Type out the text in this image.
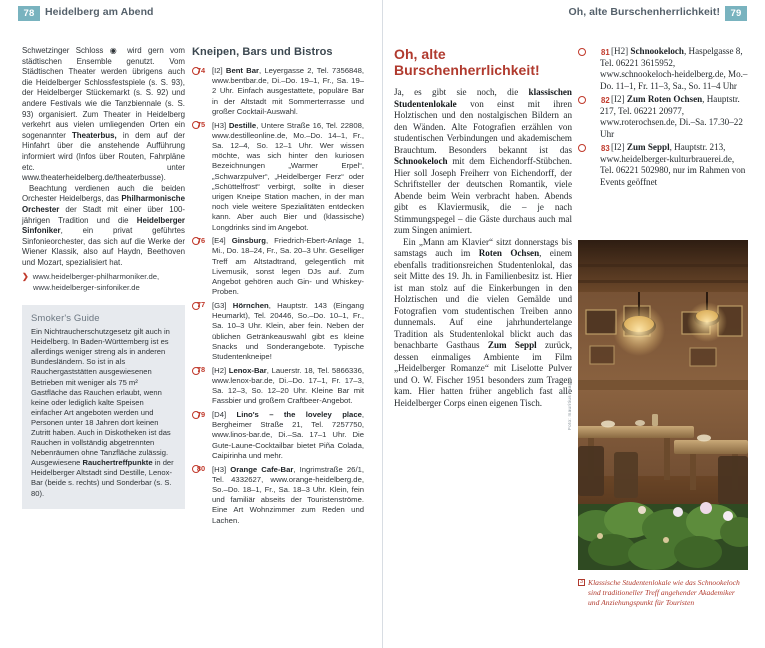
78	Heidelberg am Abend

Schwetzinger Schloss ◉ wird gern vom städtischen Ensemble genutzt. Vom Städtischen Theater werden übrigens auch die Heidelberger Schlossfestspiele (s. S. 93), der Heidelberger Stückemarkt (s. S. 92) und andere Festivals wie die Tanzbiennale (s. S. 93) organisiert. Zum Theater in Heidelberg verkehrt aus vielen umliegenden Orten ein sogenannter Theaterbus, in dem auf der Hinfahrt über die anstehende Aufführung informiert wird (Infos über Routen, Fahrpläne etc. unter www.theaterheidelberg.de/theaterbusse).

Beachtung verdienen auch die beiden Orchester Heidelbergs, das Philharmonische Orchester der Stadt mit einer über 100-jährigen Tradition und die Heidelberger Sinfoniker, ein privat geführtes Sinfonieorchester, das sich auf die Werke der Wiener Klassik, also auf Haydn, Beethoven und Mozart, spezialisiert hat.

❯ www.heidelberger-philharmoniker.de,
www.heidelberger-sinfoniker.de
Smoker's Guide
Ein Nichtraucherschutzgesetz gilt auch in Heidelberg. In Baden-Württemberg ist es allerdings weniger streng als in anderen Bundesländern. So ist in als Rauchergaststätten ausgewiesenen Betrieben mit weniger als 75 m² Gastfläche das Rauchen erlaubt, wenn keine oder lediglich kalte Speisen einfacher Art angeboten werden und Personen unter 18 Jahren dort keinen Zutritt haben. Auch in Diskotheken ist das Rauchen in vollständig abgetrennten Nebenräumen ohne Tanzfläche zulässig. Ausgewiesene Rauchertreffpunkte in der Heidelberger Altstadt sind Destille, Lenox-Bar (beide s. rechts) und Sonderbar (s. S. 80).
Kneipen, Bars und Bistros
74 [I2] Bent Bar, Leyergasse 2, Tel. 7356848, www.bentbar.de, Di.–Do. 19–1, Fr., Sa. 19–2 Uhr. Einfach ausgestattete, populäre Bar in der Altstadt mit Sommerterrasse und großer Cocktail-Auswahl.
75 [H3] Destille, Untere Straße 16, Tel. 22808, www.destilleonline.de, Mo.–Do. 14–1, Fr., Sa. 12–4, So. 12–1 Uhr. Wer wissen möchte, was sich hinter den kuriosen Bezeichnungen „Warmer Erpel“, „Schwarzpulver“, „Heidelberger Ferz“ oder „Schüttelfrost“ verbirgt, sollte in dieser urigen Kneipe Station machen, in der man noch viele weitere Spezialitäten entdecken kann. Aber auch Bier und (klassische) Longdrinks sind im Angebot.
76 [E4] Ginsburg, Friedrich-Ebert-Anlage 1, Mi., Do. 18–24, Fr., Sa. 20–3 Uhr. Geselliger Treff am Altstadtrand, gelegentlich mit Livemusik, sonst legen DJs auf. Zum Angebot gehören auch Gin- und Whiskey-Proben.
77 [G3] Hörnchen, Hauptstr. 143 (Eingang Heumarkt), Tel. 20446, So.–Do. 10–1, Fr., Sa. 10–3 Uhr. Klein, aber fein. Neben der üblichen Getränkeauswahl gibt es kleine Snacks und Sonderangebote. Typische Studentenkneipe!
78 [H2] Lenox-Bar, Lauerstr. 18, Tel. 5866336, www.lenox-bar.de, Di.–Do. 17–1, Fr. 17–3, Sa. 12–3, So. 12–20 Uhr. Kleine Bar mit Fassbier und großem Craftbeer-Angebot.
79 [D4] Lino's – the loveley place, Bergheimer Straße 21, Tel. 7257750, www.linos-bar.de, Di.–Sa. 17–1 Uhr. Die Gute-Laune-Cocktailbar bietet Piña Colada, Caipirinha und mehr.
80 [H3] Orange Cafe-Bar, Ingrimstraße 26/1, Tel. 4332627, www.orange-heidelberg.de, So.–Do. 18–1, Fr., Sa. 18–3 Uhr. Klein, fein und familiär abseits der Touristenströme. Eine Art Wohnzimmer zum Reden und Lachen.
79
Oh, alte Burschenherrlichkeit!
Oh, alte Burschenherrlichkeit!

Ja, es gibt sie noch, die klassischen Studentenlokale von einst mit ihren Holztischen und den nostalgischen Bildern an den Wänden. Alte Fotografien erzählen von studentischen Verbindungen und akademischem Brauchtum. Besonders bekannt ist das Schnookeloch mit dem Eichendorff-Stübchen. Hier soll Joseph Freiherr von Eichendorff, der Schriftsteller der deutschen Romantik, viele Abende beim Wein verbracht haben. Abends gibt es Klaviermusik, die – je nach Stimmungspegel – die Gäste durchaus auch mal zum Singen animiert.

Ein „Mann am Klavier“ sitzt donnerstags bis samstags auch im Roten Ochsen, einem ebenfalls traditionsreichen Studentenlokal, das seit Mitte des 19. Jh. in Familienbesitz ist. Hier ist man stolz auf die Einkerbungen in den Holztischen und die vielen Gemälde und Fotografien vom studentischen Treiben anno dunnemals. Auf eine jahrhundertelange Tradition als Studentenlokal blickt auch das benachbarte Gasthaus Zum Seppl zurück, dessen einmaliges Ambiente im Film „Heidelberger Romanze“ mit Liselotte Pulver und O. W. Fischer 1951 besonders zum Tragen kam. Hier hatten früher angeblich fast alle Heidelberger Corps einen eigenen Tisch.

81 [H2] Schnookeloch, Haspelgasse 8, Tel. 06221 3615952, www.schnookeloch-heidelberg.de, Mo.–Do. 11–1, Fr. 11–3, Sa., So. 11–4 Uhr
82 [I2] Zum Roten Ochsen, Hauptstr. 217, Tel. 06221 20977, www.roterochsen.de, Di.–Sa. 17.30–22 Uhr
83 [I2] Zum Seppl, Hauptstr. 213, www.heidelberger-kulturbrauerei.de, Tel. 06221 502980, nur im Rahmen von Events geöffnet
Foto: mauritius images
3 Klassische Studentenlokale wie das Schnookeloch sind traditioneller Treff angehender Akademiker und Anziehungspunkt für Touristen
